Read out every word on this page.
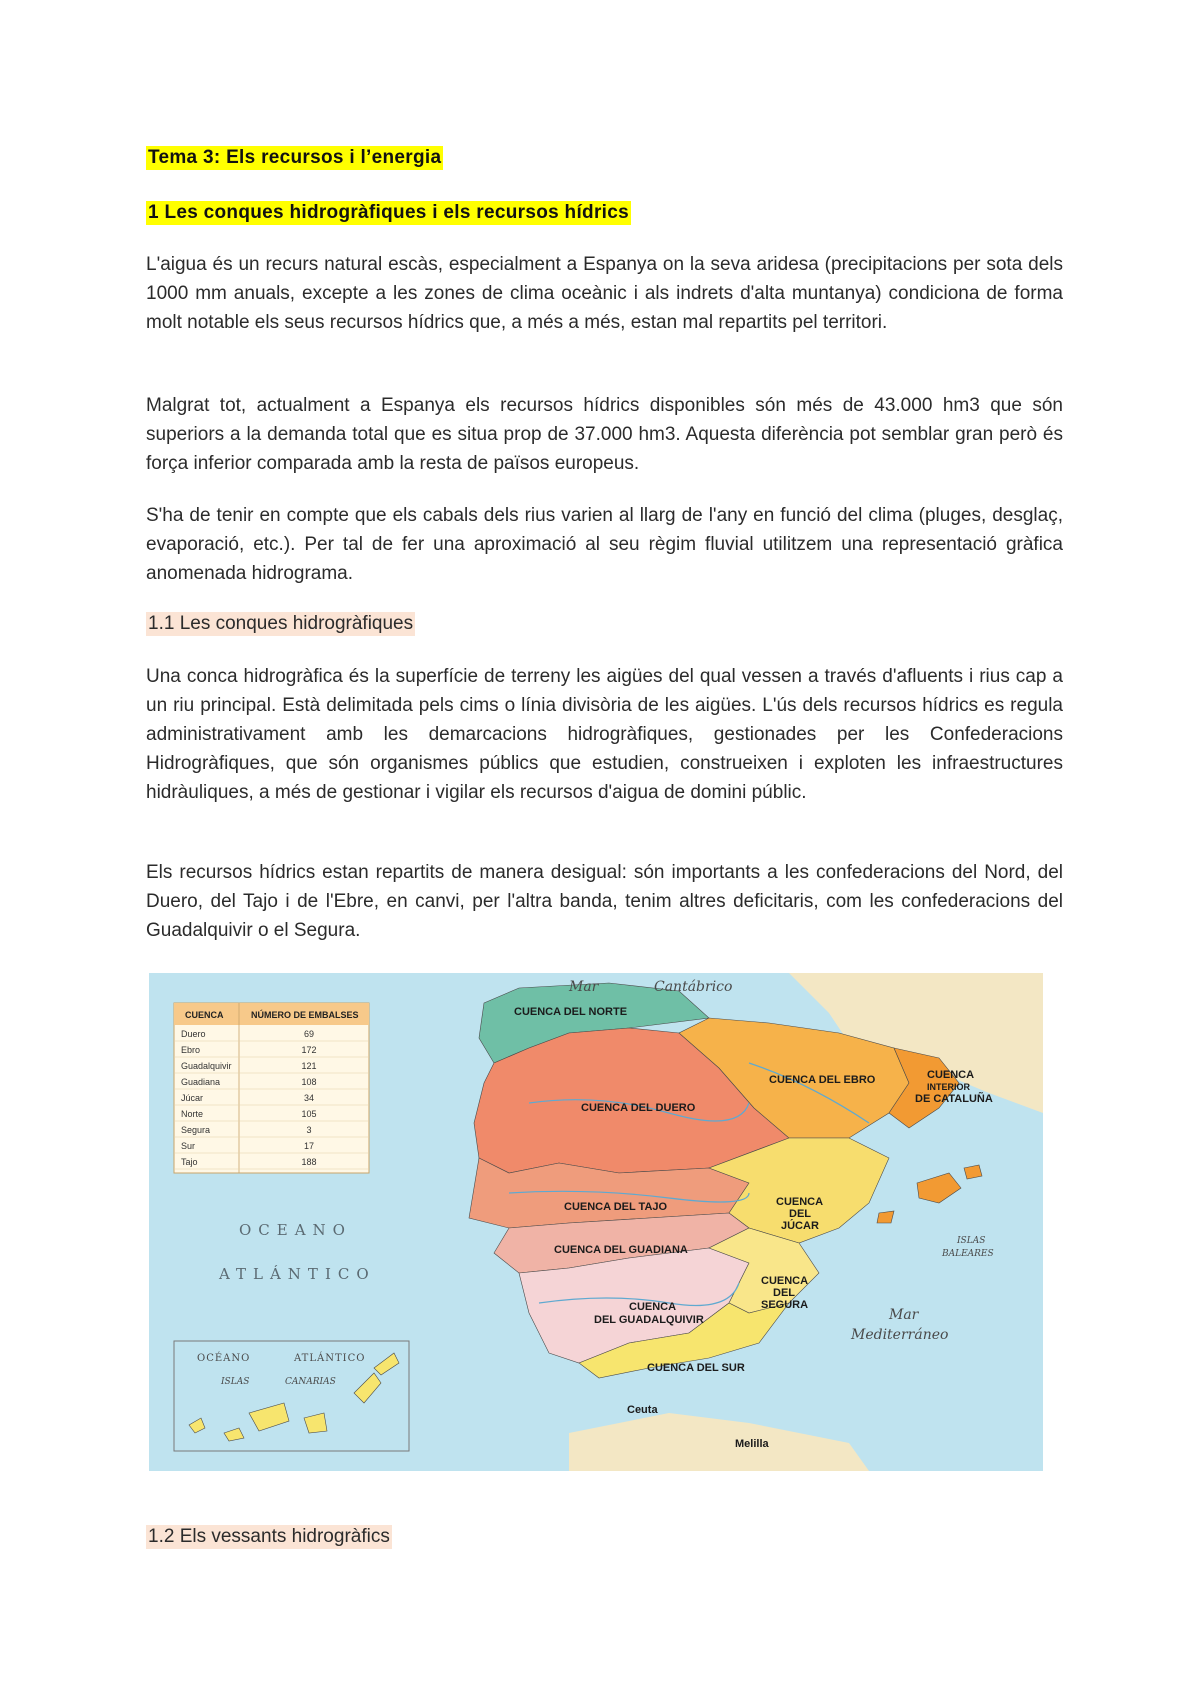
Tema 3: Els recursos i l’energia
1 Les conques hidrogràfiques i els recursos hídrics
L'aigua és un recurs natural escàs, especialment a Espanya on la seva aridesa (precipitacions per sota dels 1000 mm anuals, excepte a les zones de clima oceànic i als indrets d'alta muntanya) condiciona de forma molt notable els seus recursos hídrics que, a més a més, estan mal repartits pel territori.
Malgrat tot, actualment a Espanya els recursos hídrics disponibles són més de 43.000 hm3 que són superiors a la demanda total que es situa prop de 37.000 hm3. Aquesta diferència pot semblar gran però és força inferior comparada amb la resta de països europeus.
S'ha de tenir en compte que els cabals dels rius varien al llarg de l'any en funció del clima (pluges, desglaç, evaporació, etc.). Per tal de fer una aproximació al seu règim fluvial utilitzem una representació gràfica anomenada hidrograma.
1.1 Les conques hidrogràfiques
Una conca hidrogràfica és la superfície de terreny les aigües del qual vessen a través d'afluents i rius cap a un riu principal. Està delimitada pels cims o línia divisòria de les aigües. L'ús dels recursos hídrics es regula administrativament amb les demarcacions hidrogràfiques, gestionades per les Confederacions Hidrogràfiques, que són organismes públics que estudien, construeixen i exploten les infraestructures hidràuliques, a més de gestionar i vigilar els recursos d'aigua de domini públic.
Els recursos hídrics estan repartits de manera desigual: són importants a les confederacions del Nord, del Duero, del Tajo i de l'Ebre, en canvi, per l'altra banda, tenim altres deficitaris, com les confederacions del Guadalquivir o el Segura.
CUENCA	NÚMERO DE EMBALSES
Duero	69
Ebro	172
Guadalquivir	121
Guadiana	108
Júcar	34
Norte	105
Segura	3
Sur	17
Tajo	188
Mar	Cantábrico
OCEANO
ATLÁNTICO
Mar
Mediterráneo
CUENCA DEL NORTE
CUENCA DEL DUERO
CUENCA DEL EBRO	CUENCA
INTERIOR
DE CATALUÑA
CUENCA DEL TAJO	CUENCA
DEL
JÚCAR
CUENCA DEL GUADIANA
CUENCA
DEL
SEGURA
CUENCA
DEL GUADALQUIVIR
CUENCA DEL SUR
Ceuta
Melilla
ISLAS
BALEARES
OCÉANO	ATLÁNTICO
ISLAS	CANARIAS
1.2 Els vessants hidrogràfics
